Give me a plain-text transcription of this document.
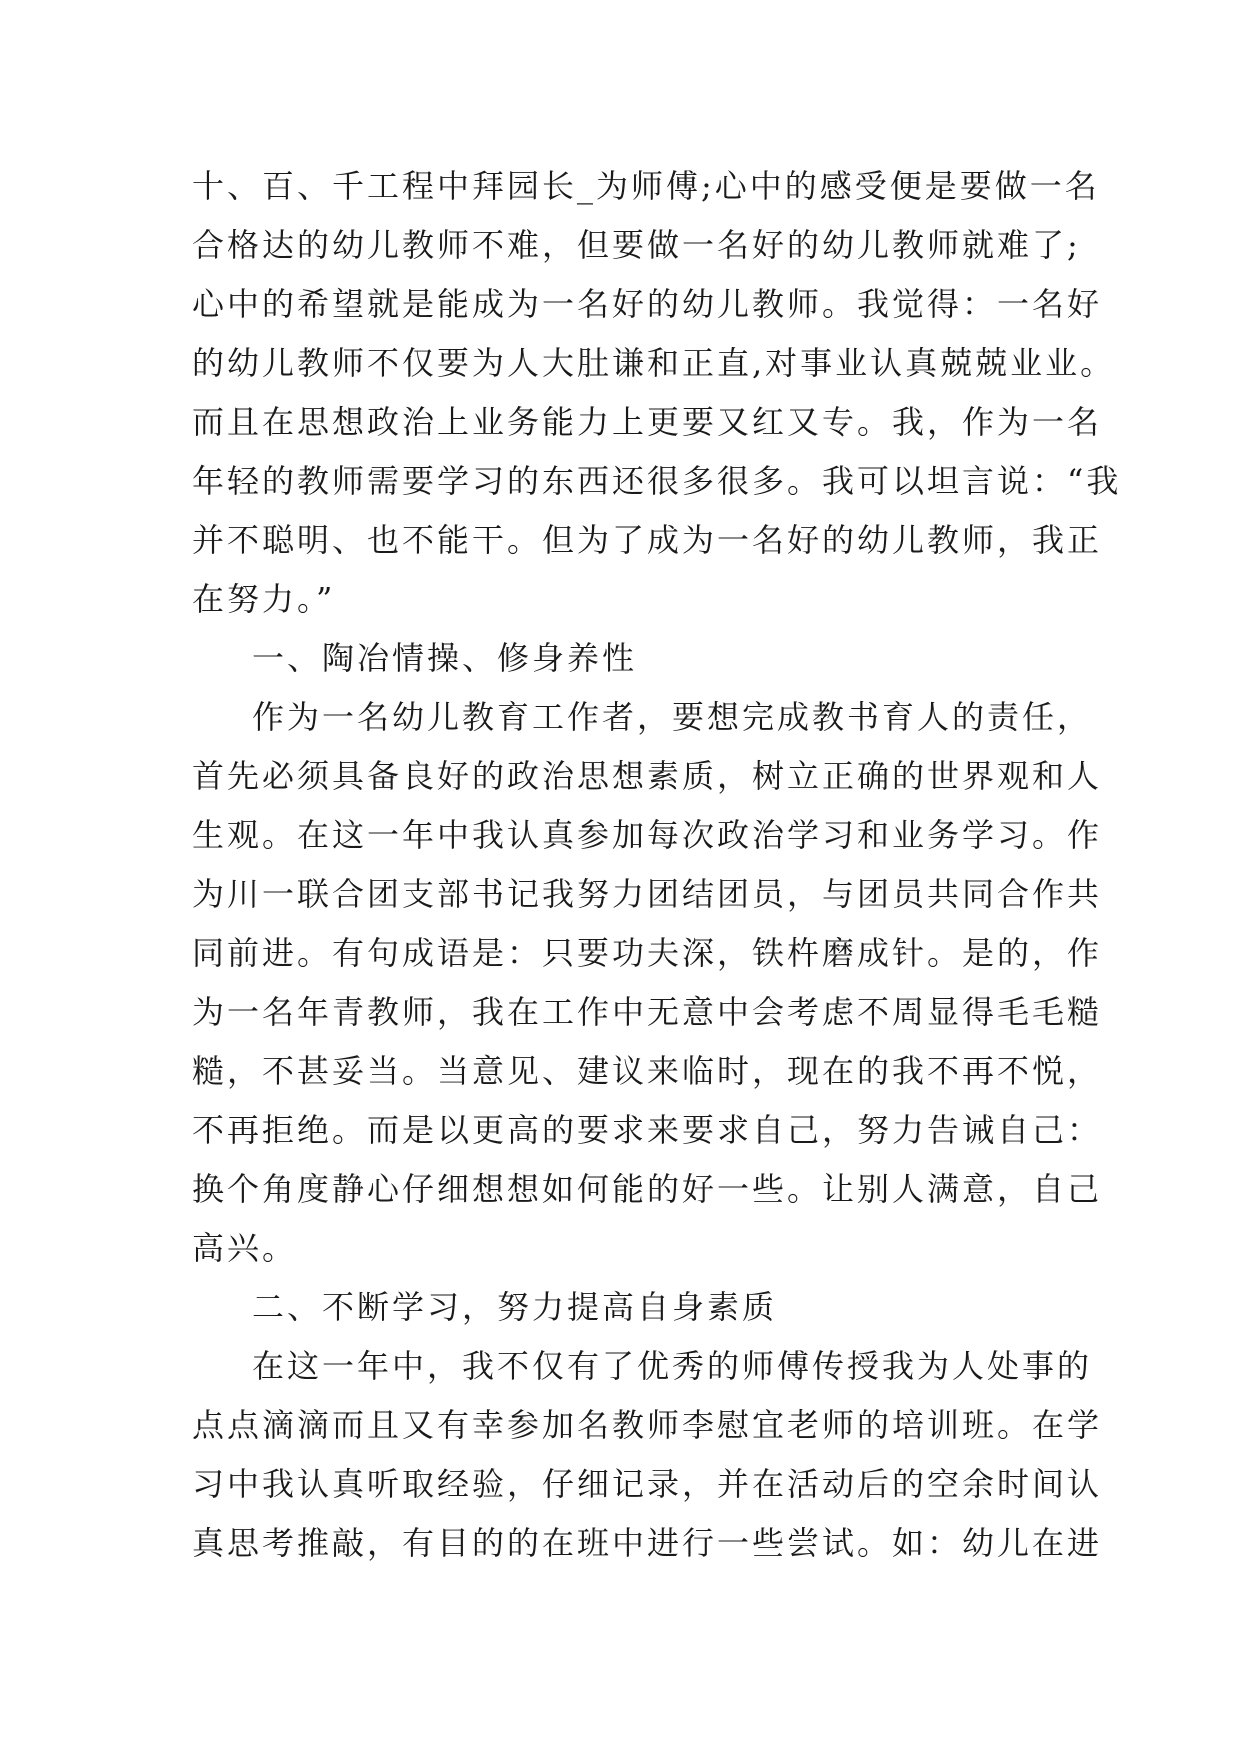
十、百、千工程中拜园长_为师傅;心中的感受便是要做一名
合格达的幼儿教师不难，但要做一名好的幼儿教师就难了;
心中的希望就是能成为一名好的幼儿教师。我觉得：一名好
的幼儿教师不仅要为人大肚谦和正直,对事业认真兢兢业业。
而且在思想政治上业务能力上更要又红又专。我，作为一名
年轻的教师需要学习的东西还很多很多。我可以坦言说：“我
并不聪明、也不能干。但为了成为一名好的幼儿教师，我正
在努力。”
一、陶冶情操、修身养性
作为一名幼儿教育工作者，要想完成教书育人的责任，
首先必须具备良好的政治思想素质，树立正确的世界观和人
生观。在这一年中我认真参加每次政治学习和业务学习。作
为川一联合团支部书记我努力团结团员，与团员共同合作共
同前进。有句成语是：只要功夫深，铁杵磨成针。是的，作
为一名年青教师，我在工作中无意中会考虑不周显得毛毛糙
糙，不甚妥当。当意见、建议来临时，现在的我不再不悦，
不再拒绝。而是以更高的要求来要求自己，努力告诫自己：
换个角度静心仔细想想如何能的好一些。让别人满意，自己
高兴。
二、不断学习，努力提高自身素质
在这一年中，我不仅有了优秀的师傅传授我为人处事的
点点滴滴而且又有幸参加名教师李慰宜老师的培训班。在学
习中我认真听取经验，仔细记录，并在活动后的空余时间认
真思考推敲，有目的的在班中进行一些尝试。如：幼儿在进
